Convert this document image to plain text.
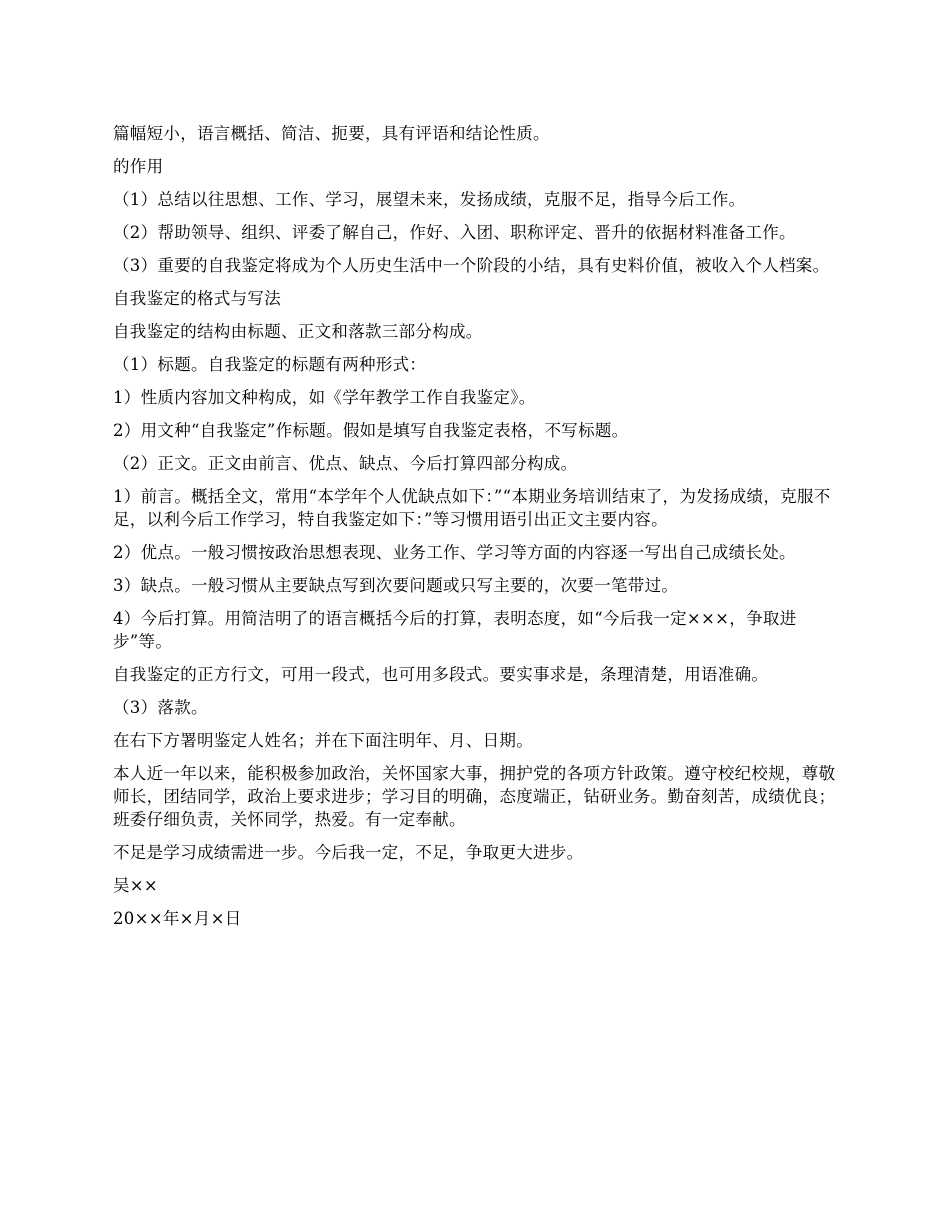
篇幅短小，语言概括、简洁、扼要，具有评语和结论性质。

的作用

（1）总结以往思想、工作、学习，展望未来，发扬成绩，克服不足，指导今后工作。

（2）帮助领导、组织、评委了解自己，作好、入团、职称评定、晋升的依据材料准备工作。

（3）重要的自我鉴定将成为个人历史生活中一个阶段的小结，具有史料价值，被收入个人档案。

自我鉴定的格式与写法

自我鉴定的结构由标题、正文和落款三部分构成。

（1）标题。自我鉴定的标题有两种形式：

1）性质内容加文种构成，如《学年教学工作自我鉴定》。

2）用文种“自我鉴定”作标题。假如是填写自我鉴定表格，不写标题。

（2）正文。正文由前言、优点、缺点、今后打算四部分构成。

1）前言。概括全文，常用“本学年个人优缺点如下：”“本期业务培训结束了，为发扬成绩，克服不足，以利今后工作学习，特自我鉴定如下：”等习惯用语引出正文主要内容。

2）优点。一般习惯按政治思想表现、业务工作、学习等方面的内容逐一写出自己成绩长处。

3）缺点。一般习惯从主要缺点写到次要问题或只写主要的，次要一笔带过。

4）今后打算。用简洁明了的语言概括今后的打算，表明态度，如“今后我一定×××，争取进步”等。

自我鉴定的正方行文，可用一段式，也可用多段式。要实事求是，条理清楚，用语准确。

（3）落款。

在右下方署明鉴定人姓名；并在下面注明年、月、日期。

本人近一年以来，能积极参加政治，关怀国家大事，拥护党的各项方针政策。遵守校纪校规，尊敬师长，团结同学，政治上要求进步；学习目的明确，态度端正，钻研业务。勤奋刻苦，成绩优良；班委仔细负责，关怀同学，热爱。有一定奉献。

不足是学习成绩需进一步。今后我一定，不足，争取更大进步。

吴××

20××年×月×日
